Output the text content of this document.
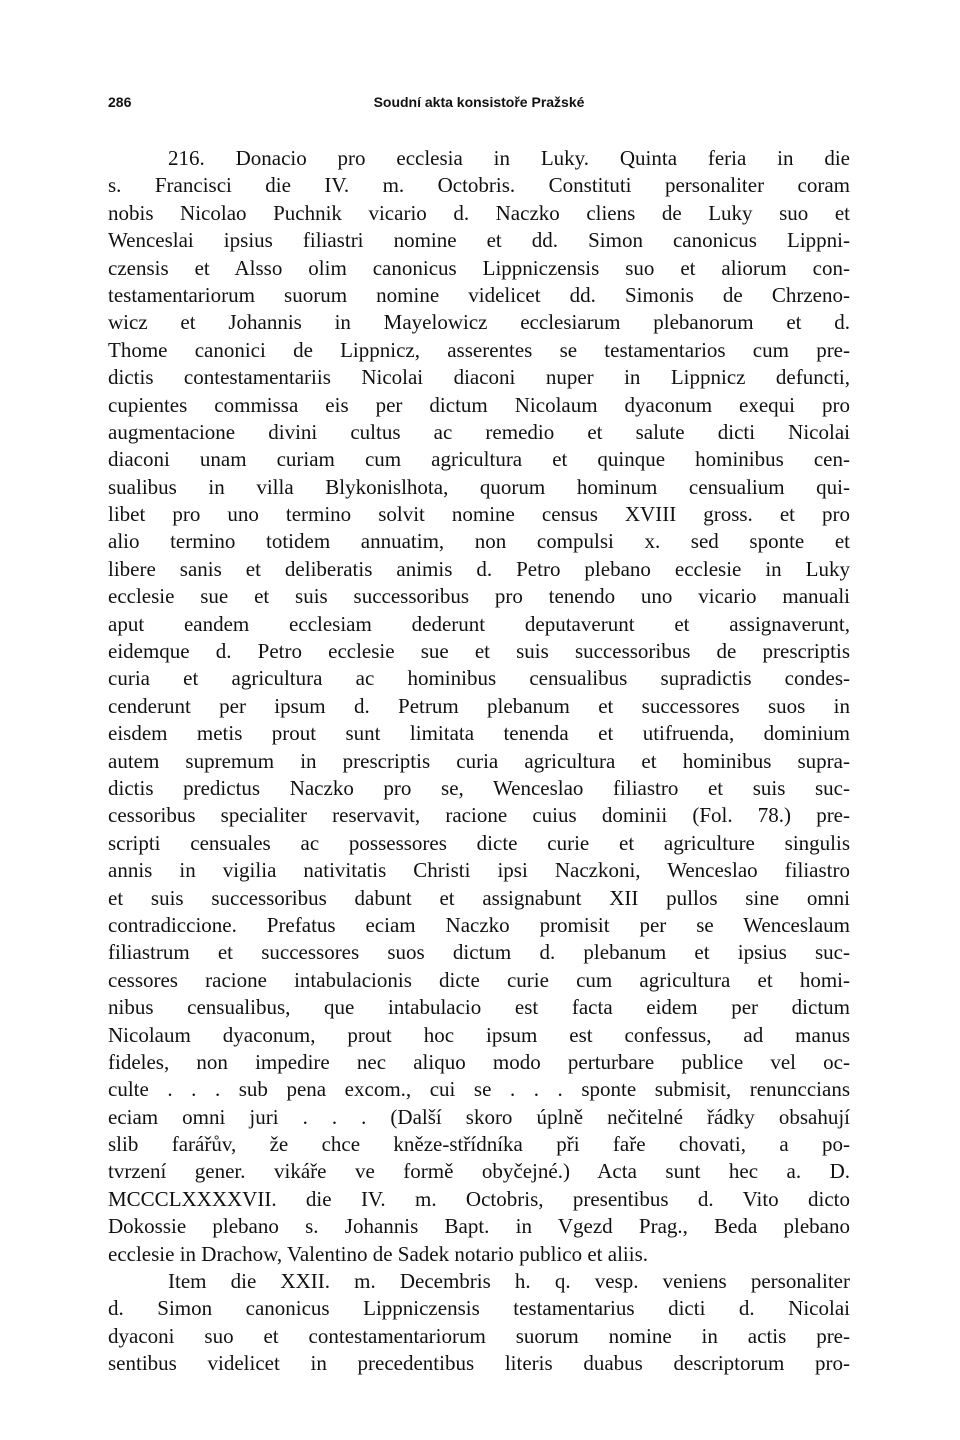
286	Soudní akta konsistoře Pražské
216. Donacio pro ecclesia in Luky. Quinta feria in die
s. Francisci die IV. m. Octobris. Constituti personaliter coram
nobis Nicolao Puchnik vicario d. Naczko cliens de Luky suo et
Wenceslai ipsius filiastri nomine et dd. Simon canonicus Lippni-
czensis et Alsso olim canonicus Lippniczensis suo et aliorum con-
testamentariorum suorum nomine videlicet dd. Simonis de Chrzeno-
wicz et Johannis in Mayelowicz ecclesiarum plebanorum et d.
Thome canonici de Lippnicz, asserentes se testamentarios cum pre-
dictis contestamentariis Nicolai diaconi nuper in Lippnicz defuncti,
cupientes commissa eis per dictum Nicolaum dyaconum exequi pro
augmentacione divini cultus ac remedio et salute dicti Nicolai
diaconi unam curiam cum agricultura et quinque hominibus cen-
sualibus in villa Blykonislhota, quorum hominum censualium qui-
libet pro uno termino solvit nomine census XVIII gross. et pro
alio termino totidem annuatim, non compulsi x. sed sponte et
libere sanis et deliberatis animis d. Petro plebano ecclesie in Luky
ecclesie sue et suis successoribus pro tenendo uno vicario manuali
aput eandem ecclesiam dederunt deputaverunt et assignaverunt,
eidemque d. Petro ecclesie sue et suis successoribus de prescriptis
curia et agricultura ac hominibus censualibus supradictis condes-
cenderunt per ipsum d. Petrum plebanum et successores suos in
eisdem metis prout sunt limitata tenenda et utifruenda, dominium
autem supremum in prescriptis curia agricultura et hominibus supra-
dictis predictus Naczko pro se, Wenceslao filiastro et suis suc-
cessoribus specialiter reservavit, racione cuius dominii (Fol. 78.) pre-
scripti censuales ac possessores dicte curie et agriculture singulis
annis in vigilia nativitatis Christi ipsi Naczkoni, Wenceslao filiastro
et suis successoribus dabunt et assignabunt XII pullos sine omni
contradiccione. Prefatus eciam Naczko promisit per se Wenceslaum
filiastrum et successores suos dictum d. plebanum et ipsius suc-
cessores racione intabulacionis dicte curie cum agricultura et homi-
nibus censualibus, que intabulacio est facta eidem per dictum
Nicolaum dyaconum, prout hoc ipsum est confessus, ad manus
fideles, non impedire nec aliquo modo perturbare publice vel oc-
culte . . . sub pena excom., cui se . . . sponte submisit, renunccians
eciam omni juri . . . (Další skoro úplně nečitelné řádky obsahují
slib farářův, že chce kněze-střídníka při faře chovati, a po-
tvrzení gener. vikáře ve formě obyčejné.) Acta sunt hec a. D.
MCCCLXXXXVII. die IV. m. Octobris, presentibus d. Vito dicto
Dokossie plebano s. Johannis Bapt. in Vgezd Prag., Beda plebano
ecclesie in Drachow, Valentino de Sadek notario publico et aliis.
Item die XXII. m. Decembris h. q. vesp. veniens personaliter
d. Simon canonicus Lippniczensis testamentarius dicti d. Nicolai
dyaconi suo et contestamentariorum suorum nomine in actis pre-
sentibus videlicet in precedentibus literis duabus descriptorum pro-
